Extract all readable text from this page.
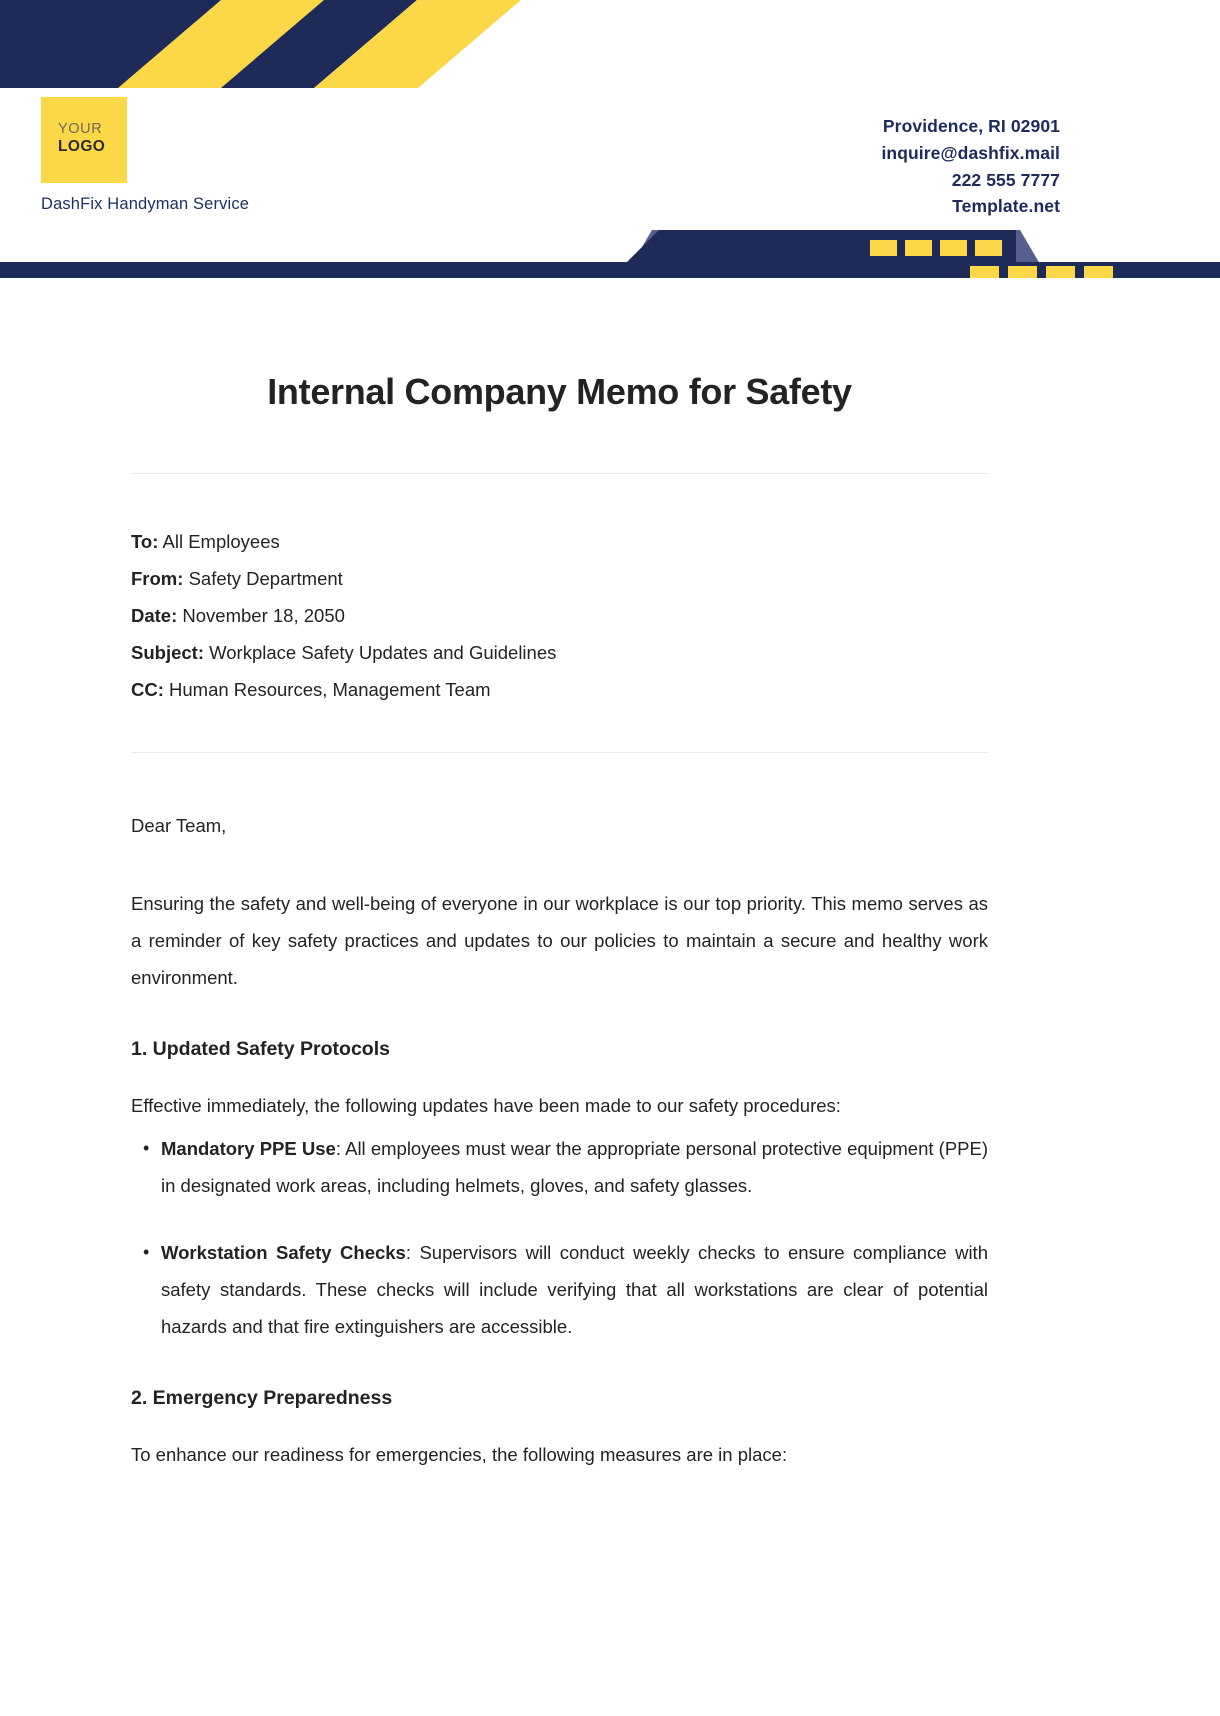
YOUR
LOGO
DashFix Handyman Service
Providence, RI 02901
inquire@dashfix.mail
222 555 7777
Template.net
Internal Company Memo for Safety
To: All Employees
From: Safety Department
Date: November 18, 2050
Subject: Workplace Safety Updates and Guidelines
CC: Human Resources, Management Team
Dear Team,

Ensuring the safety and well-being of everyone in our workplace is our top priority. This memo serves as a reminder of key safety practices and updates to our policies to maintain a secure and healthy work environment.

1. Updated Safety Protocols
Effective immediately, the following updates have been made to our safety procedures:
• Mandatory PPE Use: All employees must wear the appropriate personal protective equipment (PPE) in designated work areas, including helmets, gloves, and safety glasses.
• Workstation Safety Checks: Supervisors will conduct weekly checks to ensure compliance with safety standards. These checks will include verifying that all workstations are clear of potential hazards and that fire extinguishers are accessible.
2. Emergency Preparedness
To enhance our readiness for emergencies, the following measures are in place:
